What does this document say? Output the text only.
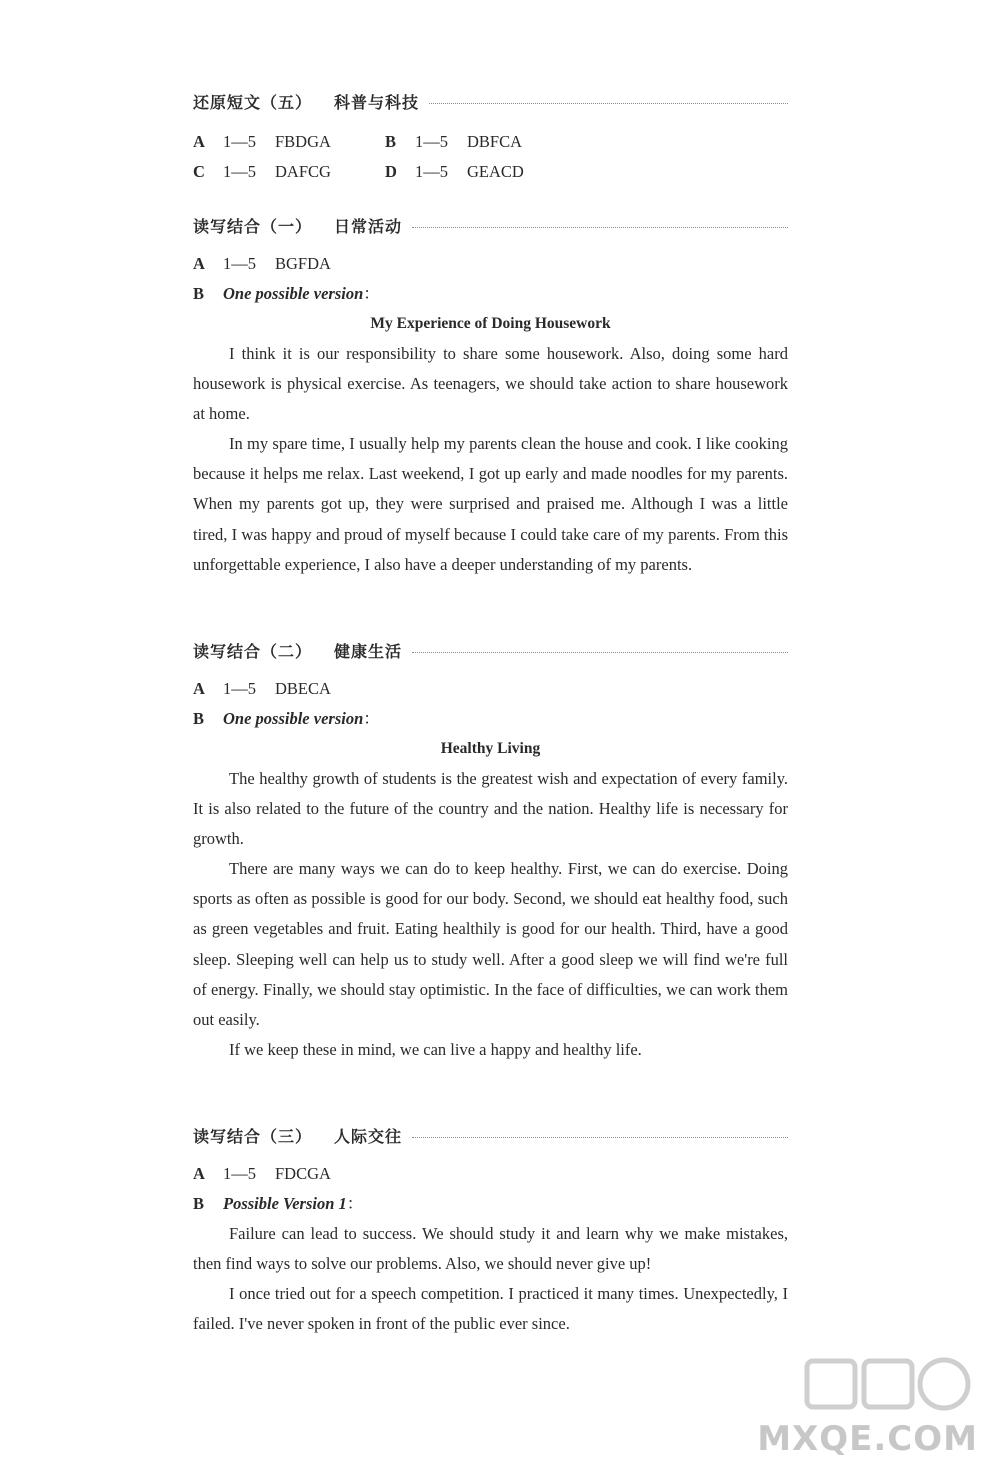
还原短文（五） 科普与科技
A 1—5 FBDGA	B 1—5 DBFCA
C 1—5 DAFCG	D 1—5 GEACD
读写结合（一） 日常活动
A 1—5 BGFDA
B One possible version：
My Experience of Doing Housework

I think it is our responsibility to share some housework. Also, doing some hard housework is physical exercise. As teenagers, we should take action to share housework at home.

In my spare time, I usually help my parents clean the house and cook. I like cooking because it helps me relax. Last weekend, I got up early and made noodles for my parents. When my parents got up, they were surprised and praised me. Although I was a little tired, I was happy and proud of myself because I could take care of my parents. From this unforgettable experience, I also have a deeper understanding of my parents.

读写结合（二） 健康生活
A 1—5 DBECA
B One possible version：
Healthy Living

The healthy growth of students is the greatest wish and expectation of every family. It is also related to the future of the country and the nation. Healthy life is necessary for growth.

There are many ways we can do to keep healthy. First, we can do exercise. Doing sports as often as possible is good for our body. Second, we should eat healthy food, such as green vegetables and fruit. Eating healthily is good for our health. Third, have a good sleep. Sleeping well can help us to study well. After a good sleep we will find we're full of energy. Finally, we should stay optimistic. In the face of difficulties, we can work them out easily.

If we keep these in mind, we can live a happy and healthy life.

读写结合（三） 人际交往
A 1—5 FDCGA
B Possible Version 1：

Failure can lead to success. We should study it and learn why we make mistakes, then find ways to solve our problems. Also, we should never give up!

I once tried out for a speech competition. I practiced it many times. Unexpectedly, I failed. I've never spoken in front of the public ever since.

MXQE.COM
